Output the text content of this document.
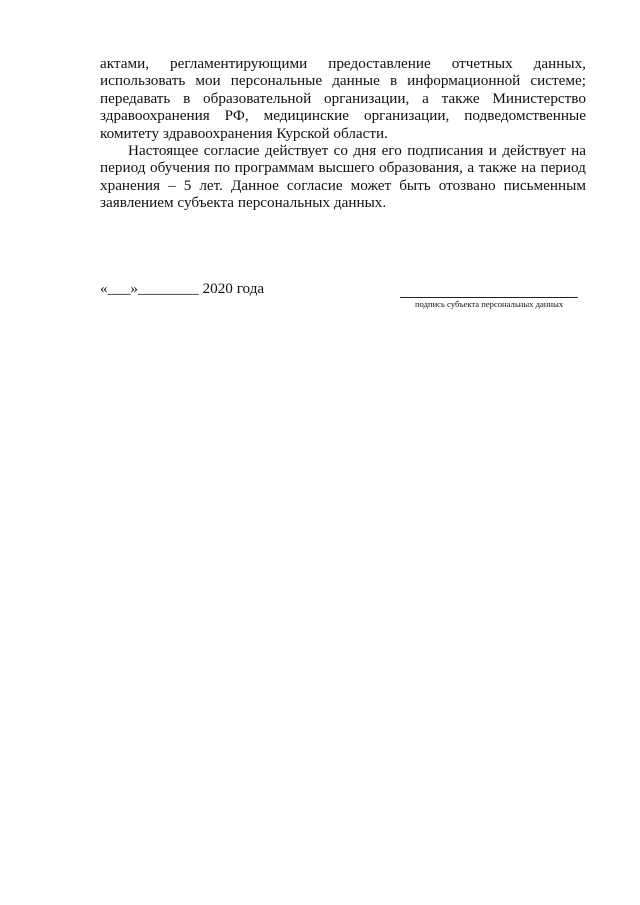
актами, регламентирующими предоставление отчетных данных,
использовать мои персональные данные в информационной системе;
передавать в образовательной организации, а также Министерство
здравоохранения РФ, медицинские организации, подведомственные
комитету здравоохранения Курской области.

Настоящее согласие действует со дня его подписания и действует на
период обучения по программам высшего образования, а также на период
хранения – 5 лет. Данное согласие может быть отозвано письменным
заявлением субъекта персональных данных.

«___»________ 2020 года
подпись субъекта персональных данных
